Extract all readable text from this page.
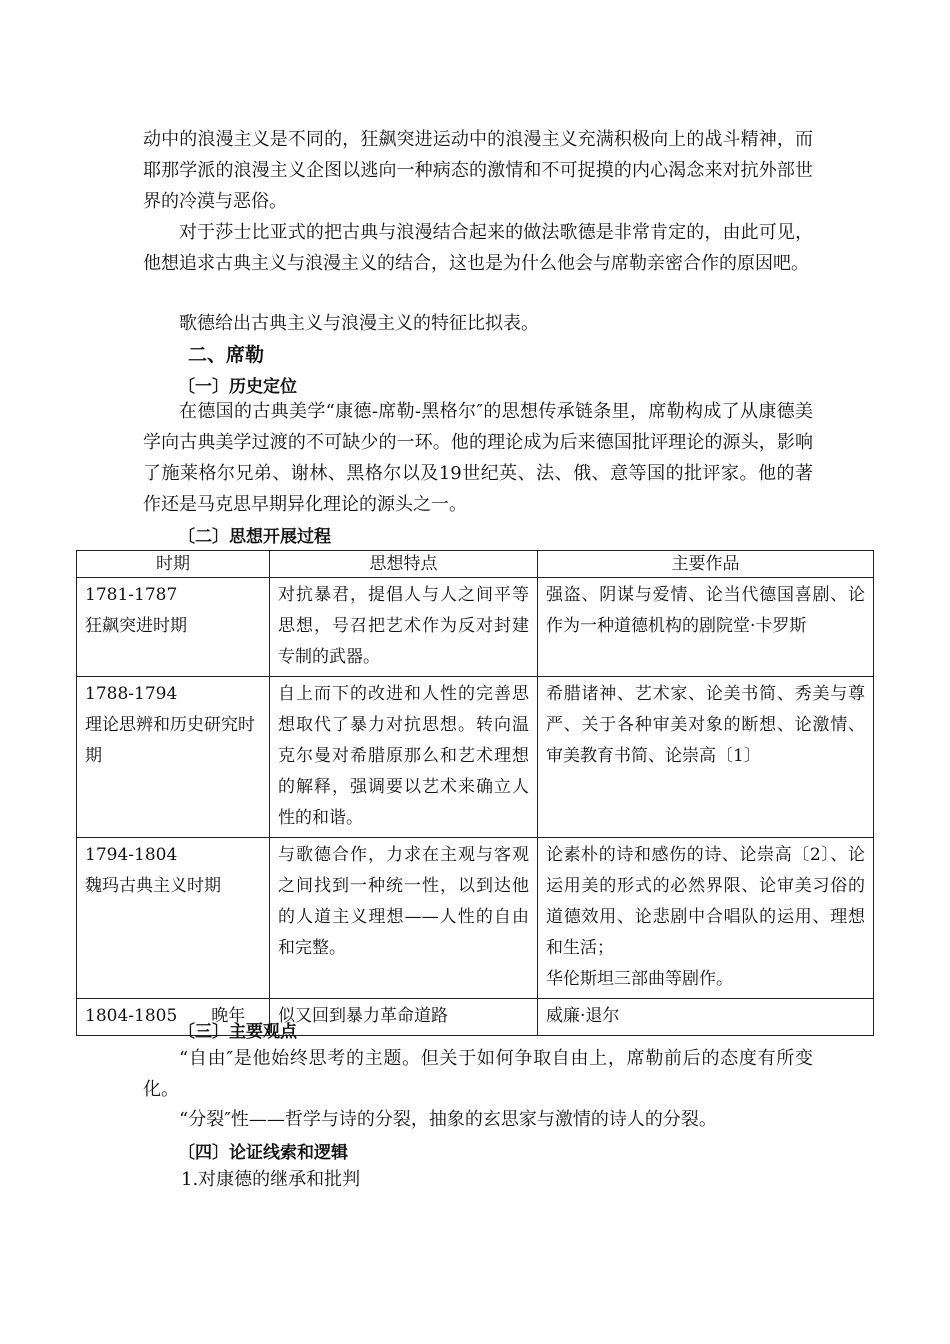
动中的浪漫主义是不同的，狂飙突进运动中的浪漫主义充满积极向上的战斗精神，而耶那学派的浪漫主义企图以逃向一种病态的激情和不可捉摸的内心渴念来对抗外部世界的冷漠与恶俗。

对于莎士比亚式的把古典与浪漫结合起来的做法歌德是非常肯定的，由此可见，他想追求古典主义与浪漫主义的结合，这也是为什么他会与席勒亲密合作的原因吧。

歌德给出古典主义与浪漫主义的特征比拟表。

二、席勒
〔一〕历史定位

在德国的古典美学“康德-席勒-黑格尔″的思想传承链条里，席勒构成了从康德美学向古典美学过渡的不可缺少的一环。他的理论成为后来德国批评理论的源头，影响了施莱格尔兄弟、谢林、黑格尔以及19世纪英、法、俄、意等国的批评家。他的著作还是马克思早期异化理论的源头之一。

〔二〕思想开展过程
时期	思想特点	主要作品

1781-1787
狂飙突进时期	对抗暴君，提倡人与人之间平等思想，号召把艺术作为反对封建专制的武器。	强盗、阴谋与爱情、论当代德国喜剧、论作为一种道德机构的剧院堂·卡罗斯

1788-1794
理论思辨和历史研究时期	自上而下的改进和人性的完善思想取代了暴力对抗思想。转向温克尔曼对希腊原那么和艺术理想的解释，强调要以艺术来确立人性的和谐。	希腊诸神、艺术家、论美书简、秀美与尊严、关于各种审美对象的断想、论激情、审美教育书简、论崇高〔1〕

1794-1804
魏玛古典主义时期	与歌德合作，力求在主观与客观之间找到一种统一性，以到达他的人道主义理想——人性的自由和完整。	论素朴的诗和感伤的诗、论崇高〔2〕、论运用美的形式的必然界限、论审美习俗的道德效用、论悲剧中合唱队的运用、理想和生活；
华伦斯坦三部曲等剧作。

1804-1805 晚年	似又回到暴力革命道路	威廉·退尔
〔三〕主要观点

“自由″是他始终思考的主题。但关于如何争取自由上，席勒前后的态度有所变化。

“分裂″性——哲学与诗的分裂，抽象的玄思家与激情的诗人的分裂。

〔四〕论证线索和逻辑

1.对康德的继承和批判
